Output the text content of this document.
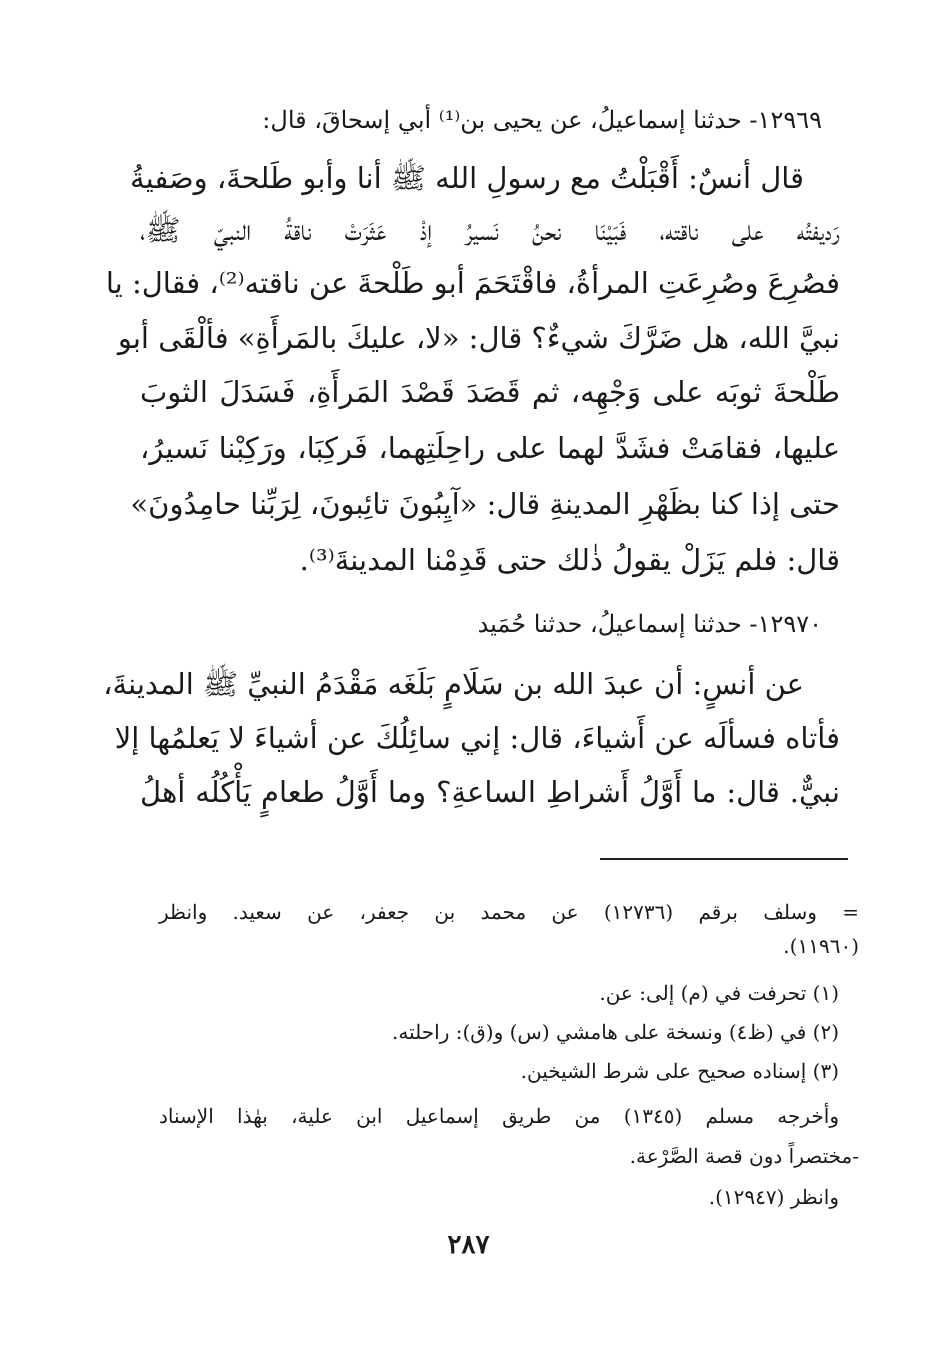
١٢٩٦٩- حدثنا إسماعيلُ، عن يحيى بن⁽¹⁾ أبي إسحاقَ، قال:
قال أنسٌ: أَقْبَلْتُ مع رسولِ الله ﷺ أنا وأبو طَلحةَ، وصَفيةُ
رَديفتُه على ناقته، فَبَيْنَا نحنُ نَسيرُ إذْ عَثَرَتْ ناقةُ النبيّ ﷺ،
فصُرِعَ وصُرِعَتِ المرأةُ، فاقْتَحَمَ أبو طَلْحةَ عن ناقته⁽²⁾، فقال: يا
نبيَّ الله، هل ضَرَّكَ شيءٌ؟ قال: «لا، عليكَ بالمَرأَةِ» فألْقَى أبو
طَلْحةَ ثوبَه على وَجْهِه، ثم قَصَدَ قَصْدَ المَرأَةِ، فَسَدَلَ الثوبَ
عليها، فقامَتْ فشَدَّ لهما على راحِلَتِهما، فَركِبَا، ورَكِبْنا نَسيرُ،
حتى إذا كنا بظَهْرِ المدينةِ قال: «آيِبُونَ تائِبونَ، لِرَبِّنا حامِدُونَ»
قال: فلم يَزَلْ يقولُ ذٰلك حتى قَدِمْنا المدينةَ⁽³⁾.
١٢٩٧٠- حدثنا إسماعيلُ، حدثنا حُمَيد
عن أنسٍ: أن عبدَ الله بن سَلَامٍ بَلَغَه مَقْدَمُ النبيِّ ﷺ المدينةَ،
فأتاه فسألَه عن أَشياءَ، قال: إني سائِلُكَ عن أشياءَ لا يَعلمُها إلا
نبيٌّ. قال: ما أَوَّلُ أَشراطِ الساعةِ؟ وما أَوَّلُ طعامٍ يَأْكُلُه أهلُ
= وسلف برقم (١٢٧٣٦) عن محمد بن جعفر، عن سعيد. وانظر
(١١٩٦٠).
(١) تحرفت في (م) إلى: عن.
(٢) في (ظ٤) ونسخة على هامشي (س) و(ق): راحلته.
(٣) إسناده صحيح على شرط الشيخين.
وأخرجه مسلم (١٣٤٥) من طريق إسماعيل ابن علية، بهٰذا الإسناد
-مختصراً دون قصة الصَّرْعة.
وانظر (١٢٩٤٧).
٢٨٧
